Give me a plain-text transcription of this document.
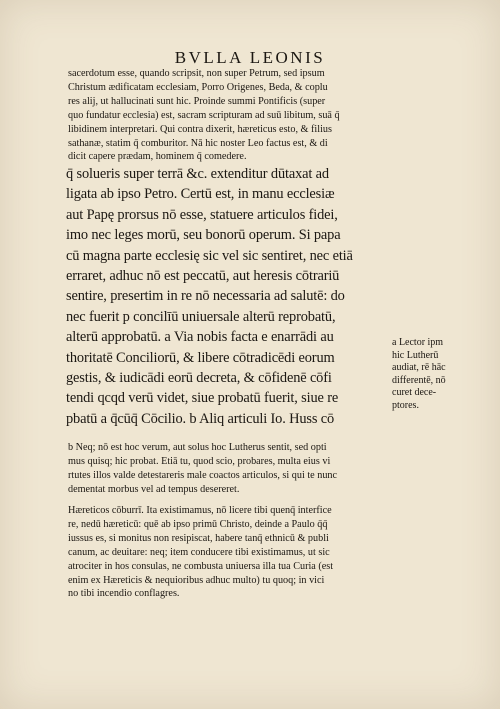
BVLLA LEONIS
sacerdotum esse, quando scripsit, non super Petrum, sed ipsum
Christum ædificatam ecclesiam, Porro Origenes, Beda, & coplu
res alij, ut hallucinati sunt hic. Proinde summi Pontificis (super
quo fundatur ecclesia) est, sacram scripturam ad suū libitum, suā q̄
libidinem interpretari. Qui contra dixerit, hæreticus esto, & filius
sathanæ, statim q̄ comburitor. Nā hic noster Leo factus est, & di
dicit capere prædam, hominem q̄ comedere.
q̄ solueris super terrā &c. extenditur dūtaxat ad
ligata ab ipso Petro. Certū est, in manu ecclesiæ
aut Papę prorsus nō esse, statuere articulos fidei,
imo nec leges morū, seu bonorū operum. Si papa
cū magna parte ecclesię sic vel sic sentiret, nec etiā
erraret, adhuc nō est peccatū, aut heresis cōtrariū
sentire, presertim in re nō necessaria ad salutē: do
nec fuerit p concilīū uniuersale alterū reprobatū,
alterū approbatū. a Via nobis facta e enarrādi au
thoritatē Conciliorū, & libere cōtradicēdi eorum
gestis, & iudicādi eorū decreta, & cōfidenē cōfi
tendi qcqd verū videt, siue probatū fuerit, siue re
pbatū a q̄cūq̄ Cōcilio. b Aliq articuli Io. Huss cō
a Lector ipm
hic Lutherū
audiat, rē hāc
differentē, nō
curet dece-
ptores.
b Neq; nō est hoc verum, aut solus hoc Lutherus sentit, sed opti
mus quisq; hic probat. Etiā tu, quod scio, probares, multa eius vi
rtutes illos valde detestareris male coactos articulos, si qui te nunc
dementat morbus vel ad tempus desereret.
Hæreticos cōburrī. Ita existimamus, nō licere tibi quenq̄ interfice
re, nedū hæreticū: quē ab ipso primū Christo, deinde a Paulo q̄q̄
iussus es, si monitus non resipiscat, habere tanq̄ ethnicū & publi
canum, ac deuitare: neq; item conducere tibi existimamus, ut sic
atrociter in hos consulas, ne combusta uniuersa illa tua Curia (est
enim ex Hæreticis & nequioribus adhuc multo) tu quoq; in vici
no tibi incendio conflagres.
